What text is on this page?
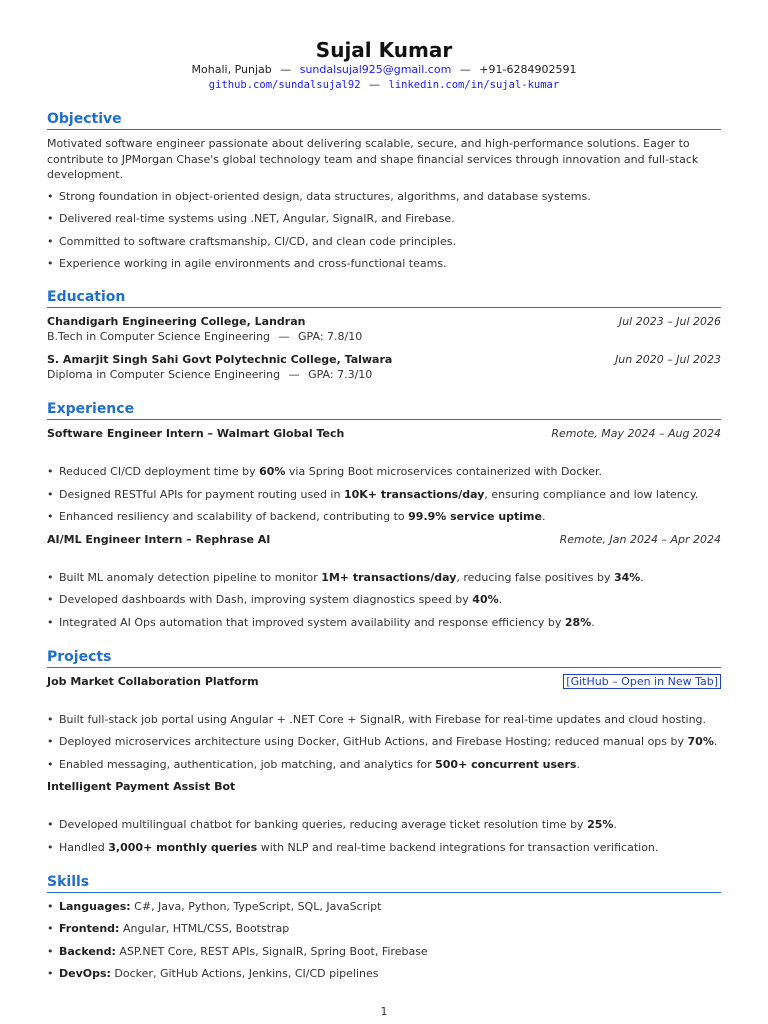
Sujal Kumar
Mohali, Punjab — sundalsujal925@gmail.com — +91-6284902591
github.com/sundalsujal92 — linkedin.com/in/sujal-kumar
Objective

Motivated software engineer passionate about delivering scalable, secure, and high-performance solutions. Eager to contribute to JPMorgan Chase's global technology team and shape financial services through innovation and full-stack development.

• Strong foundation in object-oriented design, data structures, algorithms, and database systems.
• Delivered real-time systems using .NET, Angular, SignalR, and Firebase.
• Committed to software craftsmanship, CI/CD, and clean code principles.
• Experience working in agile environments and cross-functional teams.
Education
Chandigarh Engineering College, Landran	Jul 2023 – Jul 2026
B.Tech in Computer Science Engineering — GPA: 7.8/10
S. Amarjit Singh Sahi Govt Polytechnic College, Talwara	Jun 2020 – Jul 2023
Diploma in Computer Science Engineering — GPA: 7.3/10
Experience
Software Engineer Intern – Walmart Global Tech	Remote, May 2024 – Aug 2024
• Reduced CI/CD deployment time by 60% via Spring Boot microservices containerized with Docker.
• Designed RESTful APIs for payment routing used in 10K+ transactions/day, ensuring compliance and low latency.
• Enhanced resiliency and scalability of backend, contributing to 99.9% service uptime.
AI/ML Engineer Intern – Rephrase AI	Remote, Jan 2024 – Apr 2024
• Built ML anomaly detection pipeline to monitor 1M+ transactions/day, reducing false positives by 34%.
• Developed dashboards with Dash, improving system diagnostics speed by 40%.
• Integrated AI Ops automation that improved system availability and response efficiency by 28%.
Projects
Job Market Collaboration Platform	[GitHub – Open in New Tab]
• Built full-stack job portal using Angular + .NET Core + SignalR, with Firebase for real-time updates and cloud hosting.
• Deployed microservices architecture using Docker, GitHub Actions, and Firebase Hosting; reduced manual ops by 70%.
• Enabled messaging, authentication, job matching, and analytics for 500+ concurrent users.
Intelligent Payment Assist Bot
• Developed multilingual chatbot for banking queries, reducing average ticket resolution time by 25%.
• Handled 3,000+ monthly queries with NLP and real-time backend integrations for transaction verification.
Skills
• Languages: C#, Java, Python, TypeScript, SQL, JavaScript
• Frontend: Angular, HTML/CSS, Bootstrap
• Backend: ASP.NET Core, REST APIs, SignalR, Spring Boot, Firebase
• DevOps: Docker, GitHub Actions, Jenkins, CI/CD pipelines
1
